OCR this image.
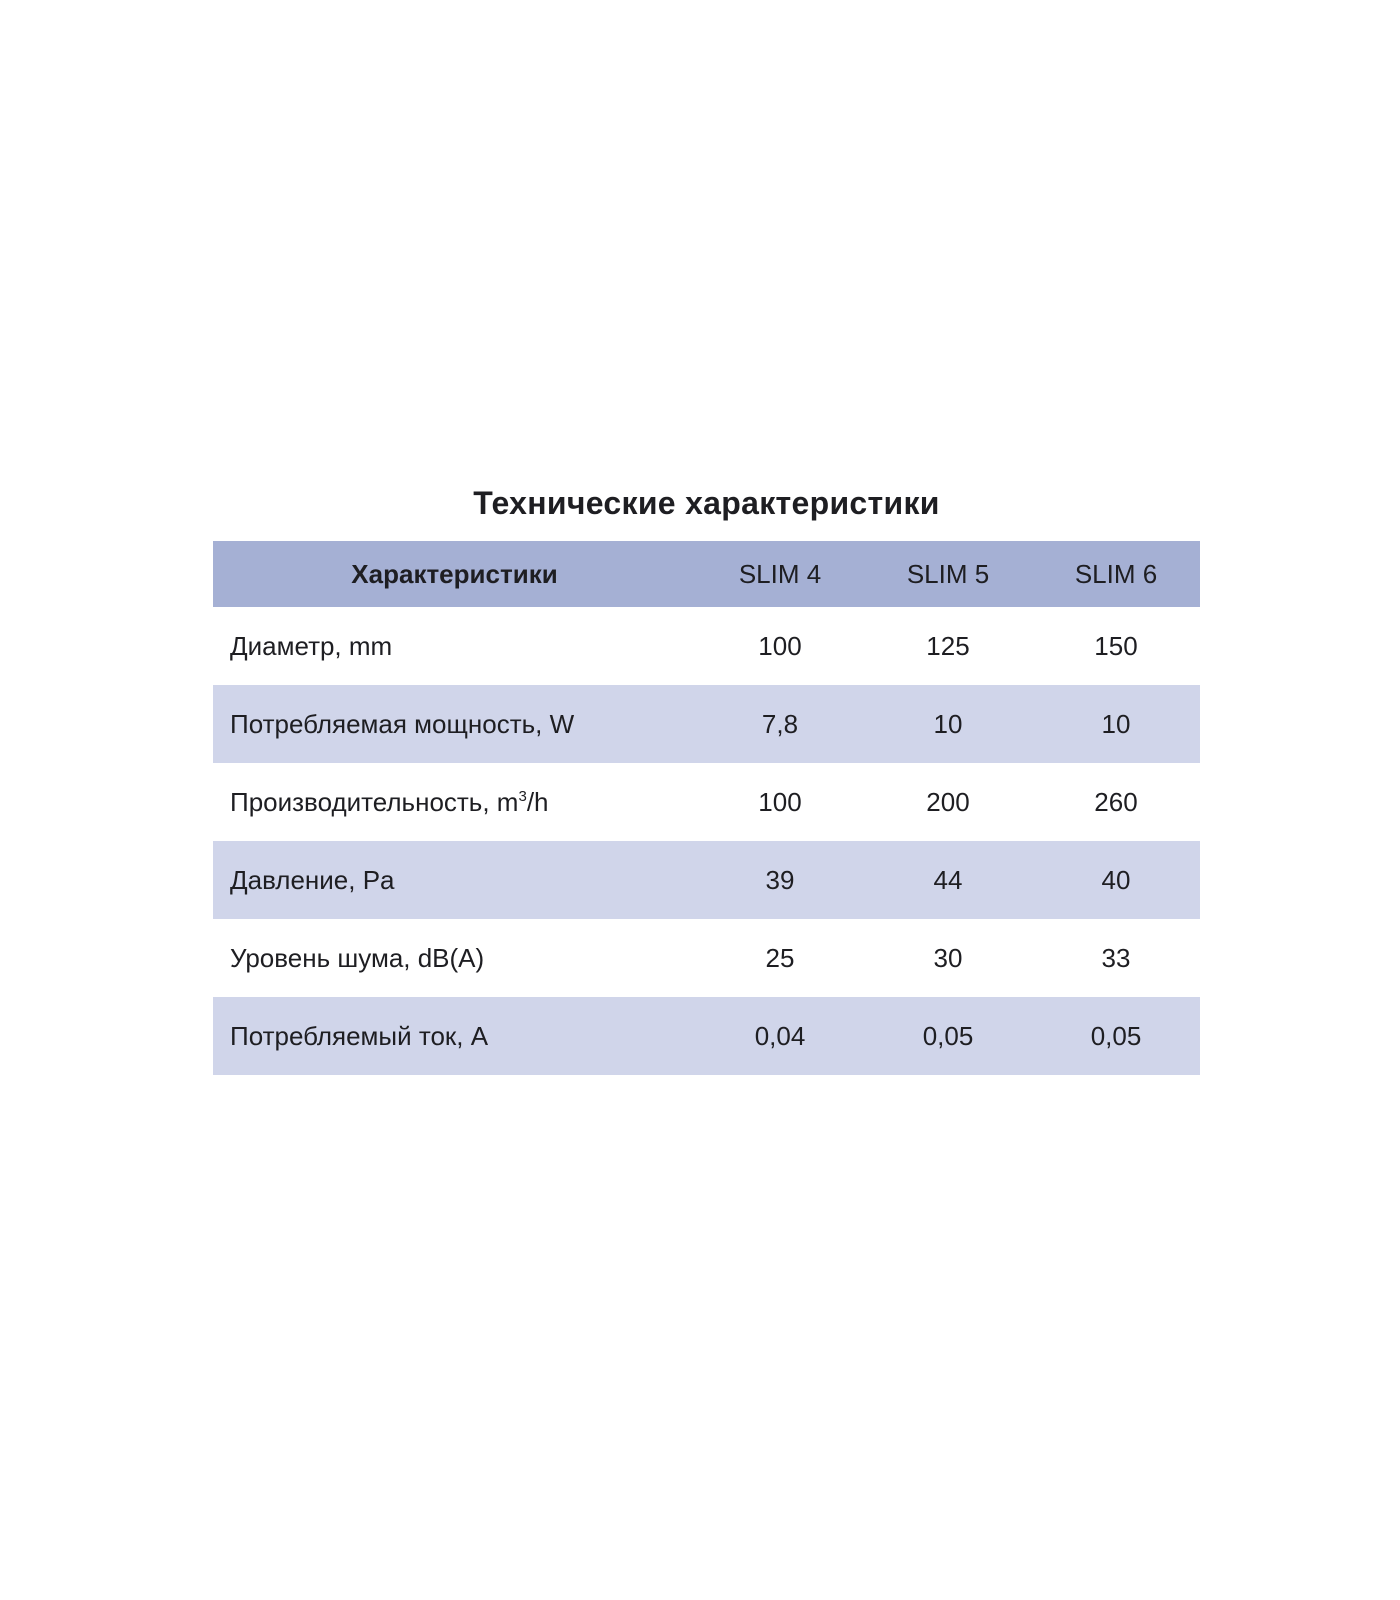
Технические характеристики
Характеристики	SLIM 4	SLIM 5	SLIM 6
Диаметр, mm	100	125	150
Потребляемая мощность, W	7,8	10	10
Производительность, $m^3/h$	100	200	260
Давление, Pa	39	44	40
Уровень шума, dB(A)	25	30	33
Потребляемый ток, А	0,04	0,05	0,05
